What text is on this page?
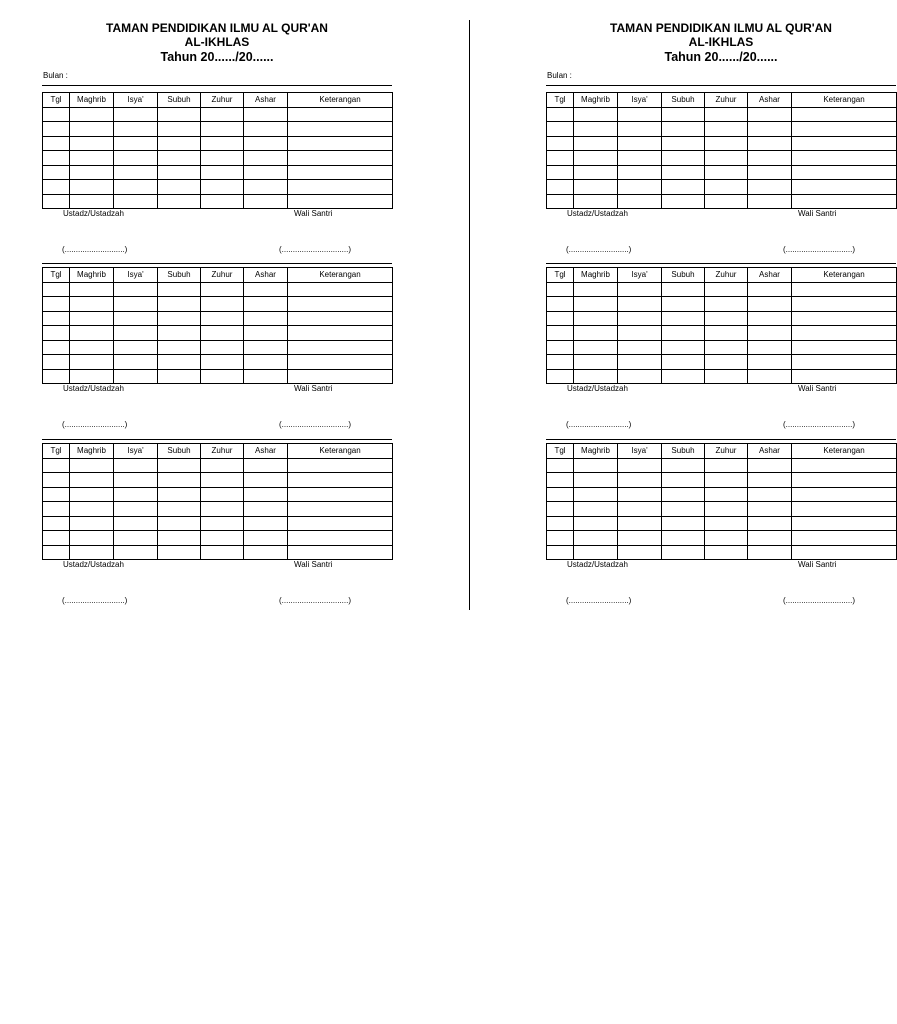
TAMAN PENDIDIKAN ILMU AL QUR'AN
AL-IKHLAS
Tahun 20....../20......
Bulan :
Tgl	Maghrib	Isya'	Subuh	Zuhur	Ashar	Keterangan

Ustadz/Ustadzah	Wali Santri
(...........................)	(..............................)
Tgl	Maghrib	Isya'	Subuh	Zuhur	Ashar	Keterangan

Ustadz/Ustadzah	Wali Santri
(...........................)	(..............................)
Tgl	Maghrib	Isya'	Subuh	Zuhur	Ashar	Keterangan

Ustadz/Ustadzah	Wali Santri
(...........................)	(..............................)
TAMAN PENDIDIKAN ILMU AL QUR'AN
AL-IKHLAS
Tahun 20....../20......
Bulan :
Tgl	Maghrib	Isya'	Subuh	Zuhur	Ashar	Keterangan

Ustadz/Ustadzah	Wali Santri
(...........................)	(..............................)
Tgl	Maghrib	Isya'	Subuh	Zuhur	Ashar	Keterangan

Ustadz/Ustadzah	Wali Santri
(...........................)	(..............................)
Tgl	Maghrib	Isya'	Subuh	Zuhur	Ashar	Keterangan

Ustadz/Ustadzah	Wali Santri
(...........................)	(..............................)
